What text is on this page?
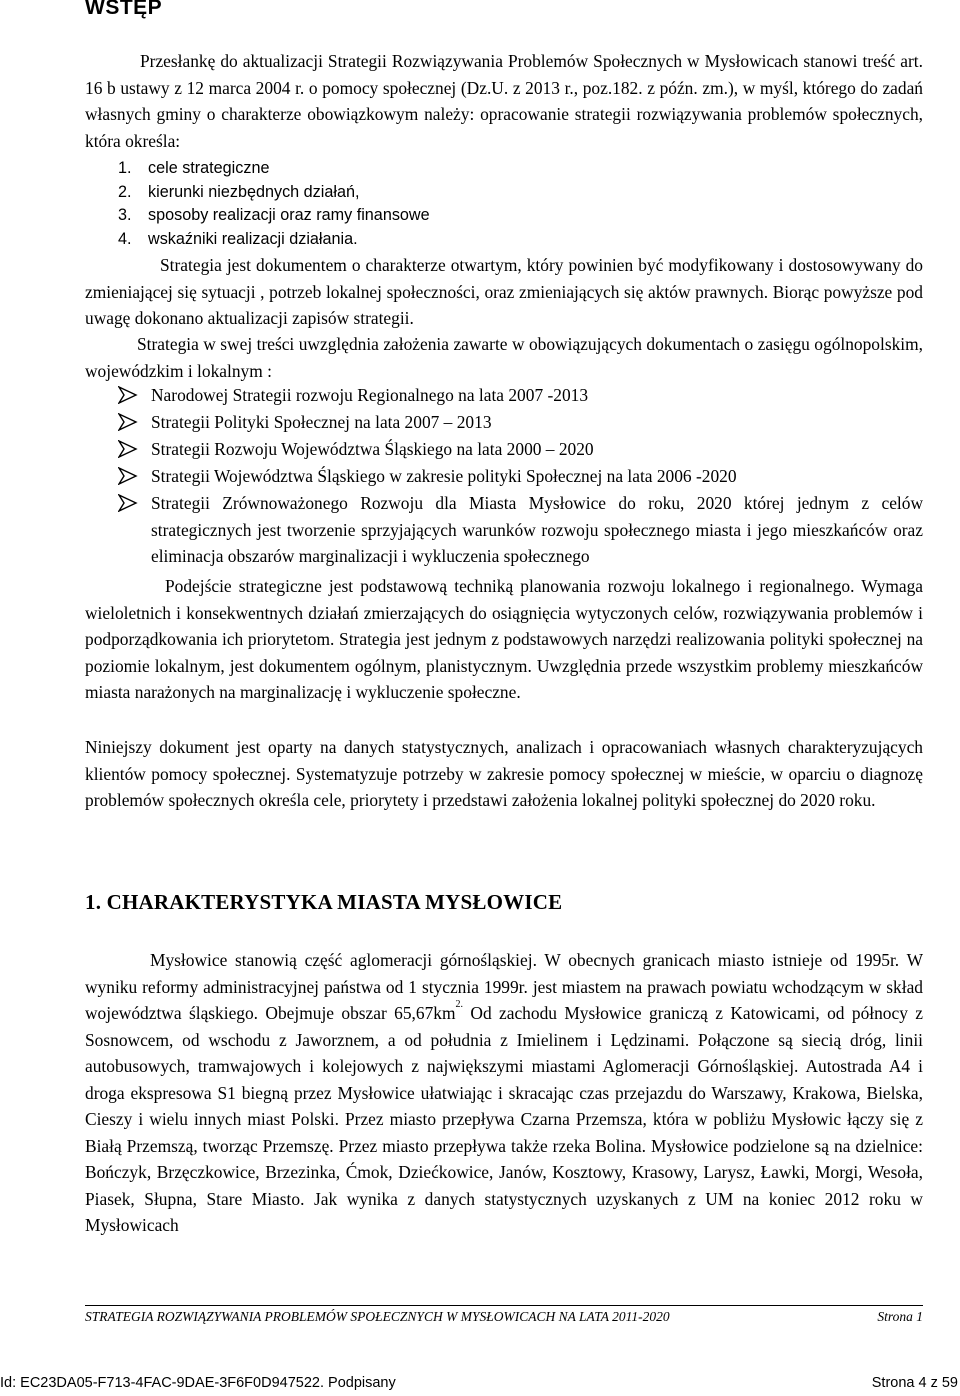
WSTĘP
Przesłankę do aktualizacji Strategii Rozwiązywania Problemów Społecznych w Mysłowicach stanowi treść art. 16 b ustawy z 12 marca 2004 r. o pomocy społecznej (Dz.U. z 2013 r., poz.182. z późn. zm.), w myśl, którego do zadań własnych gminy o charakterze obowiązkowym należy: opracowanie strategii rozwiązywania problemów społecznych, która określa:
1. cele strategiczne
2. kierunki niezbędnych działań,
3. sposoby realizacji oraz ramy finansowe
4. wskaźniki realizacji działania.
Strategia jest dokumentem o charakterze otwartym, który powinien być modyfikowany i dostosowywany do zmieniającej się sytuacji , potrzeb lokalnej społeczności, oraz zmieniających się aktów prawnych. Biorąc powyższe pod uwagę dokonano aktualizacji zapisów strategii.
Strategia w swej treści uwzględnia założenia zawarte w obowiązujących dokumentach o zasięgu ogólnopolskim, wojewódzkim i lokalnym :
Narodowej Strategii rozwoju Regionalnego na lata 2007 -2013
Strategii Polityki Społecznej na lata 2007 – 2013
Strategii Rozwoju Województwa Śląskiego na lata 2000 – 2020
Strategii Województwa Śląskiego w zakresie polityki Społecznej na lata 2006 -2020
Strategii Zrównoważonego Rozwoju dla Miasta Mysłowice do roku, 2020 której jednym z celów strategicznych jest tworzenie sprzyjających warunków rozwoju społecznego miasta i jego mieszkańców oraz eliminacja obszarów marginalizacji i wykluczenia społecznego
Podejście strategiczne jest podstawową techniką planowania rozwoju lokalnego i regionalnego. Wymaga wieloletnich i konsekwentnych działań zmierzających do osiągnięcia wytyczonych celów, rozwiązywania problemów i podporządkowania ich priorytetom. Strategia jest jednym z podstawowych narzędzi realizowania polityki społecznej na poziomie lokalnym, jest dokumentem ogólnym, planistycznym. Uwzględnia przede wszystkim problemy mieszkańców miasta narażonych na marginalizację i wykluczenie społeczne.
Niniejszy dokument jest oparty na danych statystycznych, analizach i opracowaniach własnych charakteryzujących klientów pomocy społecznej. Systematyzuje potrzeby w zakresie pomocy społecznej w mieście, w oparciu o diagnozę problemów społecznych określa cele, priorytety i przedstawi założenia lokalnej polityki społecznej do 2020 roku.
1. CHARAKTERYSTYKA MIASTA MYSŁOWICE
Mysłowice stanowią część aglomeracji górnośląskiej. W obecnych granicach miasto istnieje od 1995r. W wyniku reformy administracyjnej państwa od 1 stycznia 1999r. jest miastem na prawach powiatu wchodzącym w skład województwa śląskiego. Obejmuje obszar $65,67km^{2.}$ Od zachodu Mysłowice graniczą z Katowicami, od północy z Sosnowcem, od wschodu z Jaworznem, a od południa z Imielinem i Lędzinami. Połączone są siecią dróg, linii autobusowych, tramwajowych i kolejowych z największymi miastami Aglomeracji Górnośląskiej. Autostrada A4 i droga ekspresowa S1 biegną przez Mysłowice ułatwiając i skracając czas przejazdu do Warszawy, Krakowa, Bielska, Cieszy i wielu innych miast Polski. Przez miasto przepływa Czarna Przemsza, która w pobliżu Mysłowic łączy się z Białą Przemszą, tworząc Przemszę. Przez miasto przepływa także rzeka Bolina. Mysłowice podzielone są na dzielnice: Bończyk, Brzęczkowice, Brzezinka, Ćmok, Dziećkowice, Janów, Kosztowy, Krasowy, Larysz, Ławki, Morgi, Wesoła, Piasek, Słupna, Stare Miasto. Jak wynika z danych statystycznych uzyskanych z UM na koniec 2012 roku w Mysłowicach
STRATEGIA ROZWIĄZYWANIA PROBLEMÓW SPOŁECZNYCH W MYSŁOWICACH NA LATA 2011-2020	Strona 1
Id: EC23DA05-F713-4FAC-9DAE-3F6F0D947522. Podpisany	Strona 4 z 59
